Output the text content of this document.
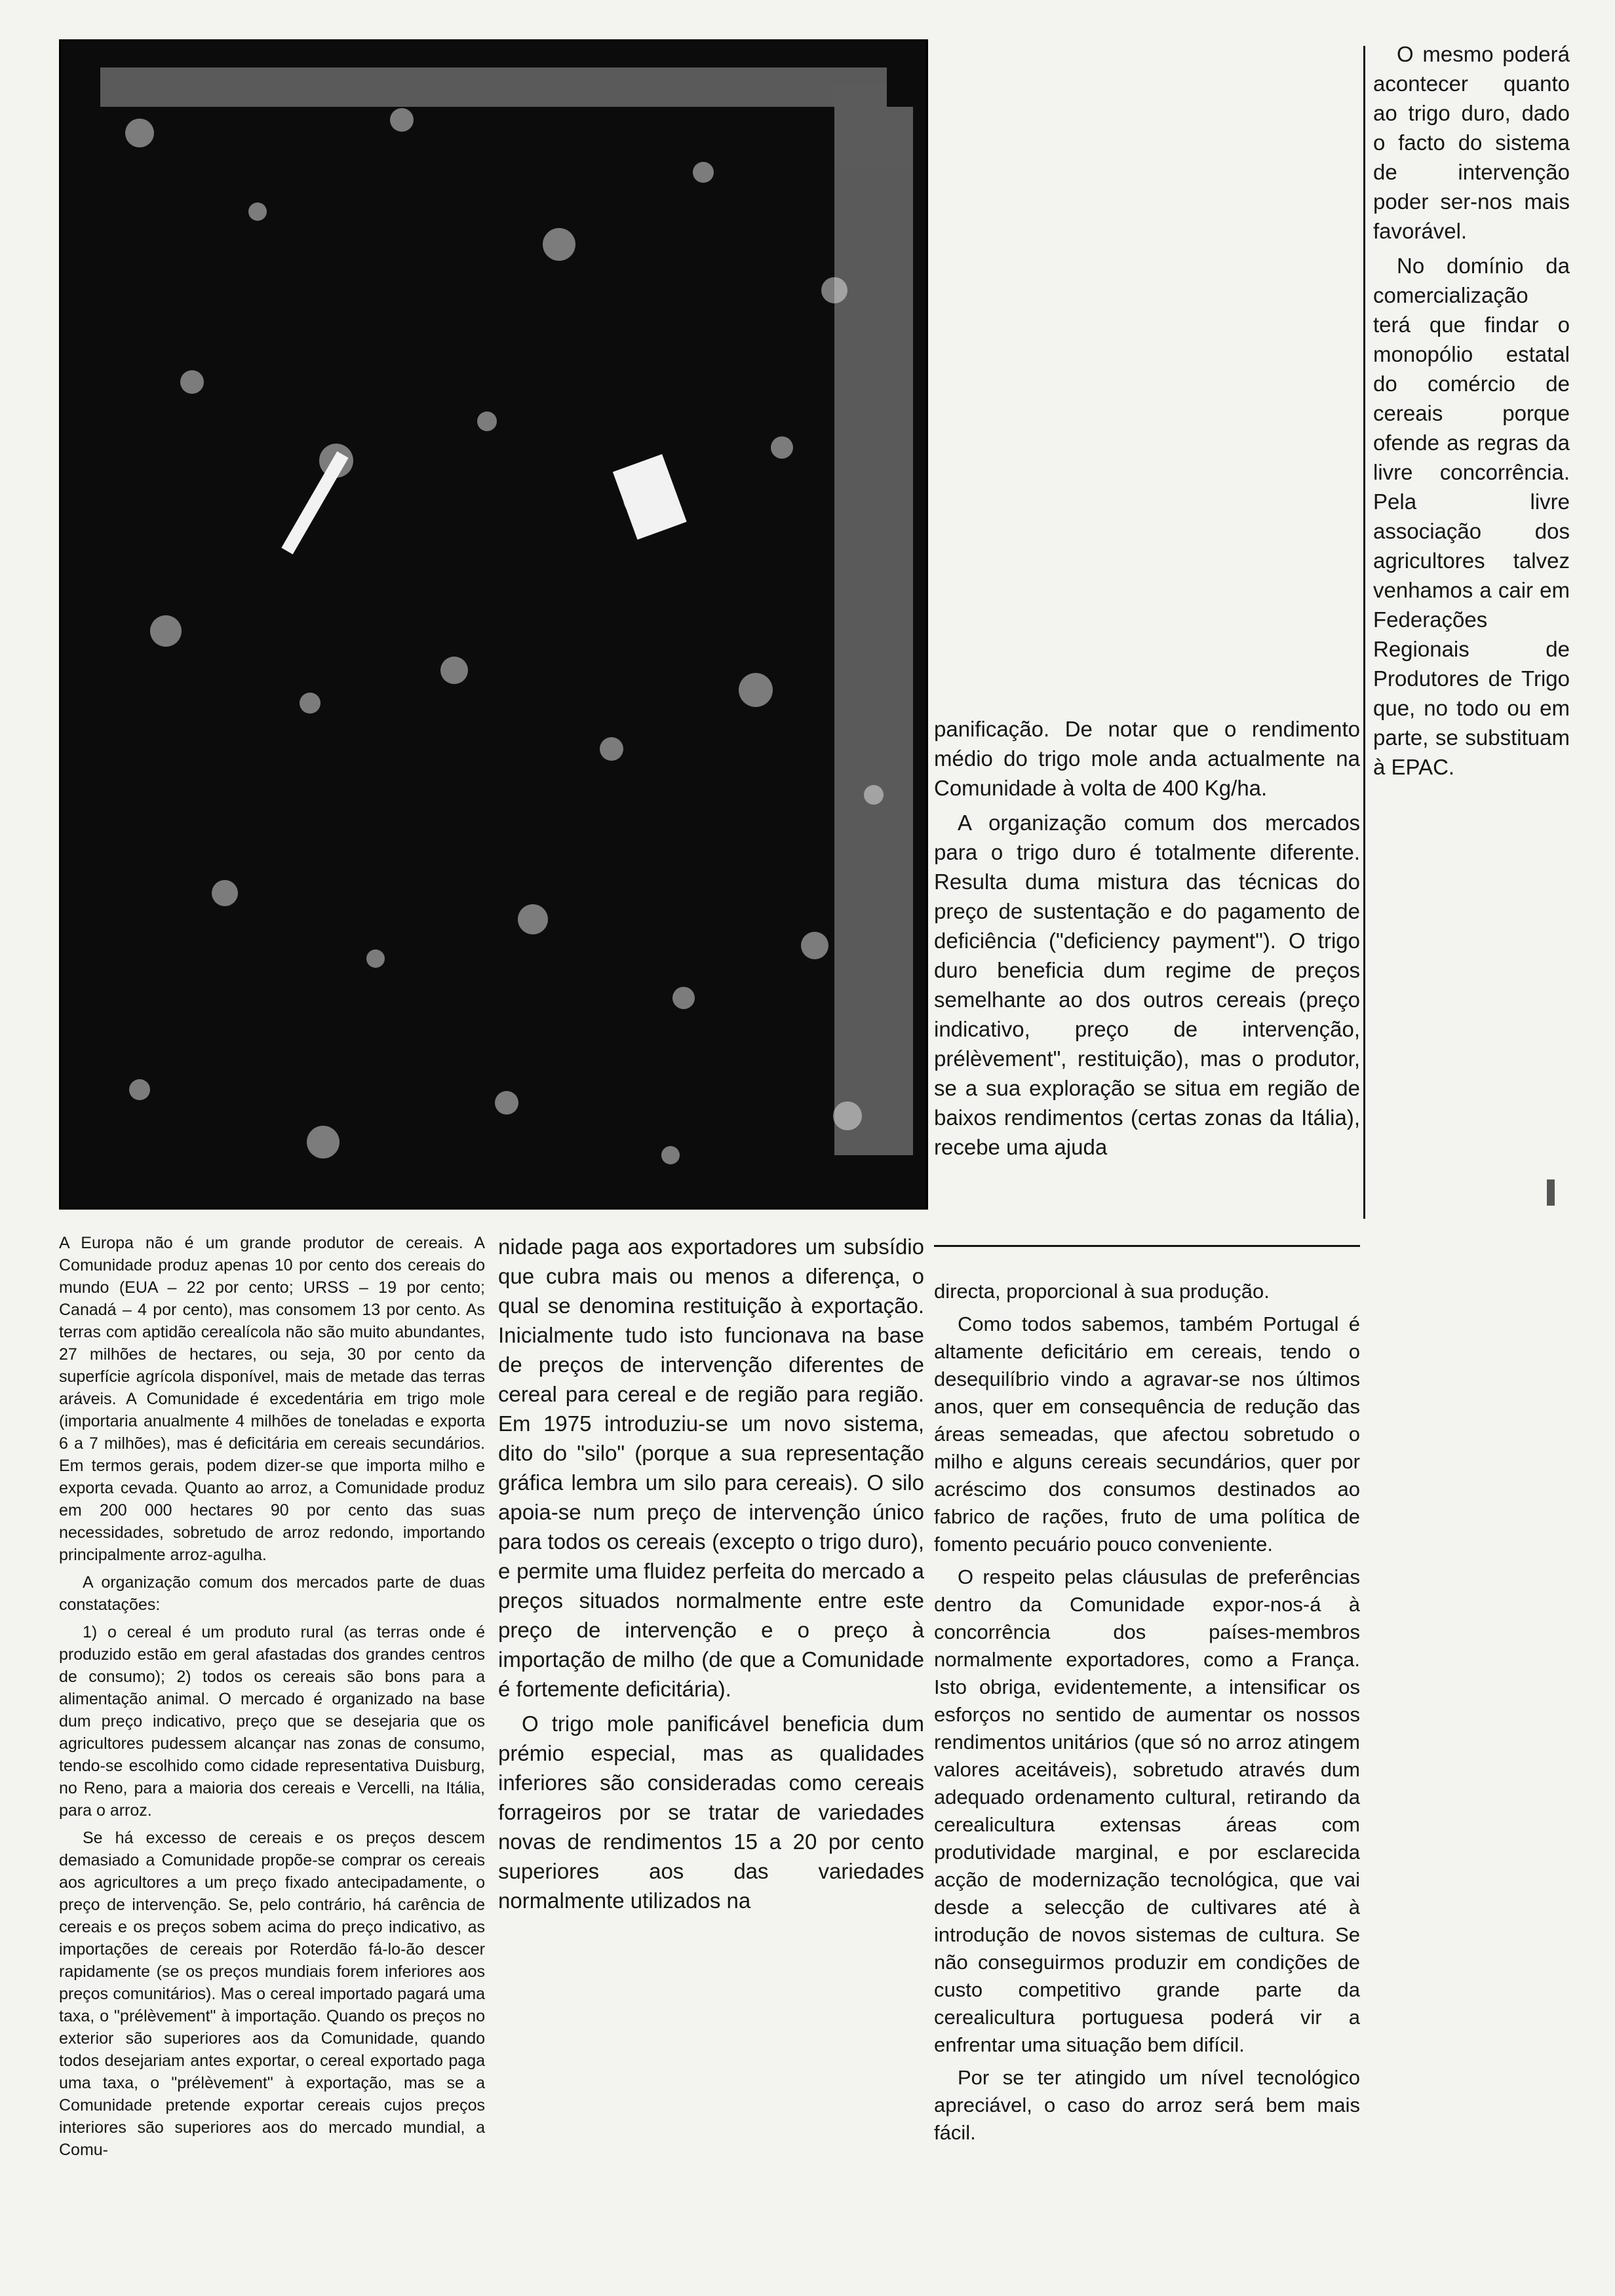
A Europa não é um grande produtor de cereais. A Comunidade produz apenas 10 por cento dos cereais do mundo (EUA – 22 por cento; URSS – 19 por cento; Canadá – 4 por cento), mas consomem 13 por cento. As terras com aptidão cerealícola não são muito abundantes, 27 milhões de hectares, ou seja, 30 por cento da superfície agrícola disponível, mais de metade das terras aráveis. A Comunidade é excedentária em trigo mole (importaria anualmente 4 milhões de toneladas e exporta 6 a 7 milhões), mas é deficitária em cereais secundários. Em termos gerais, podem dizer-se que importa milho e exporta cevada. Quanto ao arroz, a Comunidade produz em 200 000 hectares 90 por cento das suas necessidades, sobretudo de arroz redondo, importando principalmente arroz-agulha.

A organização comum dos mercados parte de duas constatações:

1) o cereal é um produto rural (as terras onde é produzido estão em geral afastadas dos grandes centros de consumo); 2) todos os cereais são bons para a alimentação animal. O mercado é organizado na base dum preço indicativo, preço que se desejaria que os agricultores pudessem alcançar nas zonas de consumo, tendo-se escolhido como cidade representativa Duisburg, no Reno, para a maioria dos cereais e Vercelli, na Itália, para o arroz.

Se há excesso de cereais e os preços descem demasiado a Comunidade propõe-se comprar os cereais aos agricultores a um preço fixado antecipadamente, o preço de intervenção. Se, pelo contrário, há carência de cereais e os preços sobem acima do preço indicativo, as importações de cereais por Roterdão fá-lo-ão descer rapidamente (se os preços mundiais forem inferiores aos preços comunitários). Mas o cereal importado pagará uma taxa, o "prélèvement" à importação. Quando os preços no exterior são superiores aos da Comunidade, quando todos desejariam antes exportar, o cereal exportado paga uma taxa, o "prélèvement" à exportação, mas se a Comunidade pretende exportar cereais cujos preços interiores são superiores aos do mercado mundial, a Comu-

nidade paga aos exportadores um subsídio que cubra mais ou menos a diferença, o qual se denomina restituição à exportação. Inicialmente tudo isto funcionava na base de preços de intervenção diferentes de cereal para cereal e de região para região. Em 1975 introduziu-se um novo sistema, dito do "silo" (porque a sua representação gráfica lembra um silo para cereais). O silo apoia-se num preço de intervenção único para todos os cereais (excepto o trigo duro), e permite uma fluidez perfeita do mercado a preços situados normalmente entre este preço de intervenção e o preço à importação de milho (de que a Comunidade é fortemente deficitária).

O trigo mole panificável beneficia dum prémio especial, mas as qualidades inferiores são consideradas como cereais forrageiros por se tratar de variedades novas de rendimentos 15 a 20 por cento superiores aos das variedades normalmente utilizados na

panificação. De notar que o rendimento médio do trigo mole anda actualmente na Comunidade à volta de 400 Kg/ha.

A organização comum dos mercados para o trigo duro é totalmente diferente. Resulta duma mistura das técnicas do preço de sustentação e do pagamento de deficiência ("deficiency payment"). O trigo duro beneficia dum regime de preços semelhante ao dos outros cereais (preço indicativo, preço de intervenção, prélèvement", restituição), mas o produtor, se a sua exploração se situa em região de baixos rendimentos (certas zonas da Itália), recebe uma ajuda

directa, proporcional à sua produção.

Como todos sabemos, também Portugal é altamente deficitário em cereais, tendo o desequilíbrio vindo a agravar-se nos últimos anos, quer em consequência de redução das áreas semeadas, que afectou sobretudo o milho e alguns cereais secundários, quer por acréscimo dos consumos destinados ao fabrico de rações, fruto de uma política de fomento pecuário pouco conveniente.

O respeito pelas cláusulas de preferências dentro da Comunidade expor-nos-á à concorrência dos países-membros normalmente exportadores, como a França. Isto obriga, evidentemente, a intensificar os esforços no sentido de aumentar os nossos rendimentos unitários (que só no arroz atingem valores aceitáveis), sobretudo através dum adequado ordenamento cultural, retirando da cerealicultura extensas áreas com produtividade marginal, e por esclarecida acção de modernização tecnológica, que vai desde a selecção de cultivares até à introdução de novos sistemas de cultura. Se não conseguirmos produzir em condições de custo competitivo grande parte da cerealicultura portuguesa poderá vir a enfrentar uma situação bem difícil.

Por se ter atingido um nível tecnológico apreciável, o caso do arroz será bem mais fácil.

O mesmo poderá acontecer quanto ao trigo duro, dado o facto do sistema de intervenção poder ser-nos mais favorável.

No domínio da comercialização terá que findar o monopólio estatal do comércio de cereais porque ofende as regras da livre concorrência. Pela livre associação dos agricultores talvez venhamos a cair em Federações Regionais de Produtores de Trigo que, no todo ou em parte, se substituam à EPAC.
